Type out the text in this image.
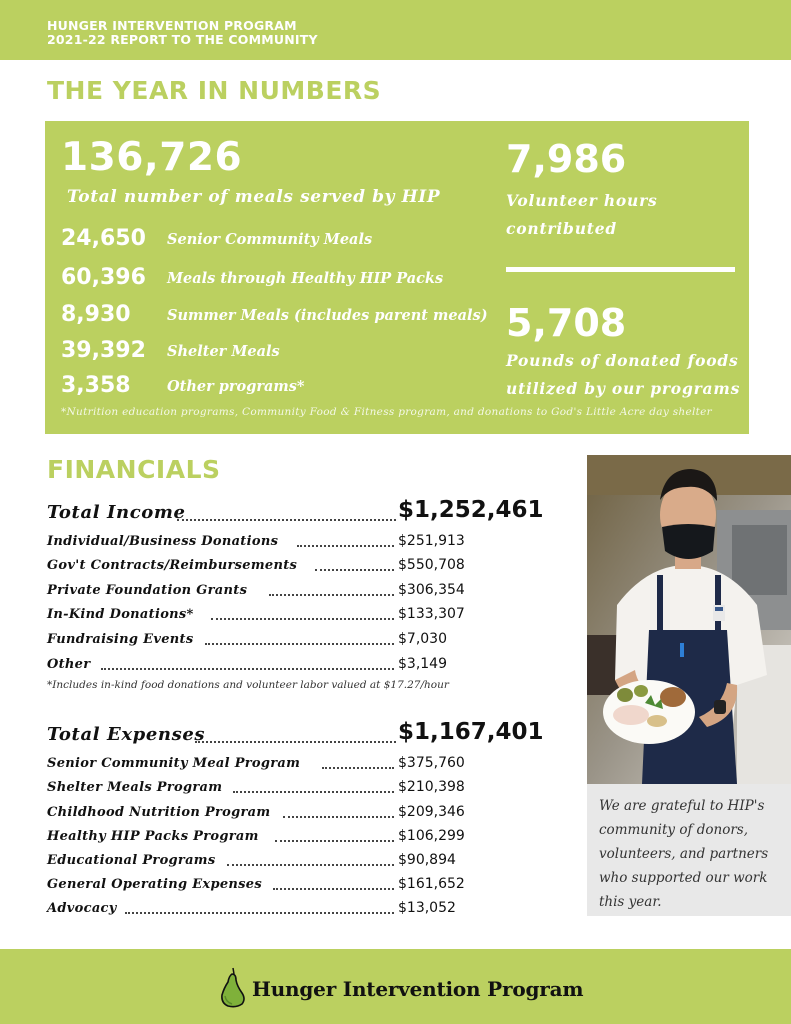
HUNGER INTERVENTION PROGRAM
2021-22 REPORT TO THE COMMUNITY
THE YEAR IN NUMBERS
136,726
Total number of meals served by HIP
24,650 Senior Community Meals
60,396 Meals through Healthy HIP Packs
8,930	Summer Meals (includes parent meals)
39,392 Shelter Meals
3,358	Other programs*
*Nutrition education programs, Community Food & Fitness program, and donations to God's Little Acre day shelter
7,986
Volunteer hours
contributed
5,708
Pounds of donated foods
utilized by our programs
FINANCIALS
Total Income	$1,252,461
Individual/Business Donations	$251,913
Gov't Contracts/Reimbursements	$550,708
Private Foundation Grants	$306,354
In-Kind Donations*	$133,307
Fundraising Events	$7,030
Other	$3,149
*Includes in-kind food donations and volunteer labor valued at $17.27/hour
Total Expenses	$1,167,401
Senior Community Meal Program	$375,760
Shelter Meals Program	$210,398
Childhood Nutrition Program	$209,346
Healthy HIP Packs Program	$106,299
Educational Programs	$90,894
General Operating Expenses	$161,652
Advocacy	$13,052
We are grateful to HIP's community of donors, volunteers, and partners who supported our work this year.
Hunger Intervention Program
